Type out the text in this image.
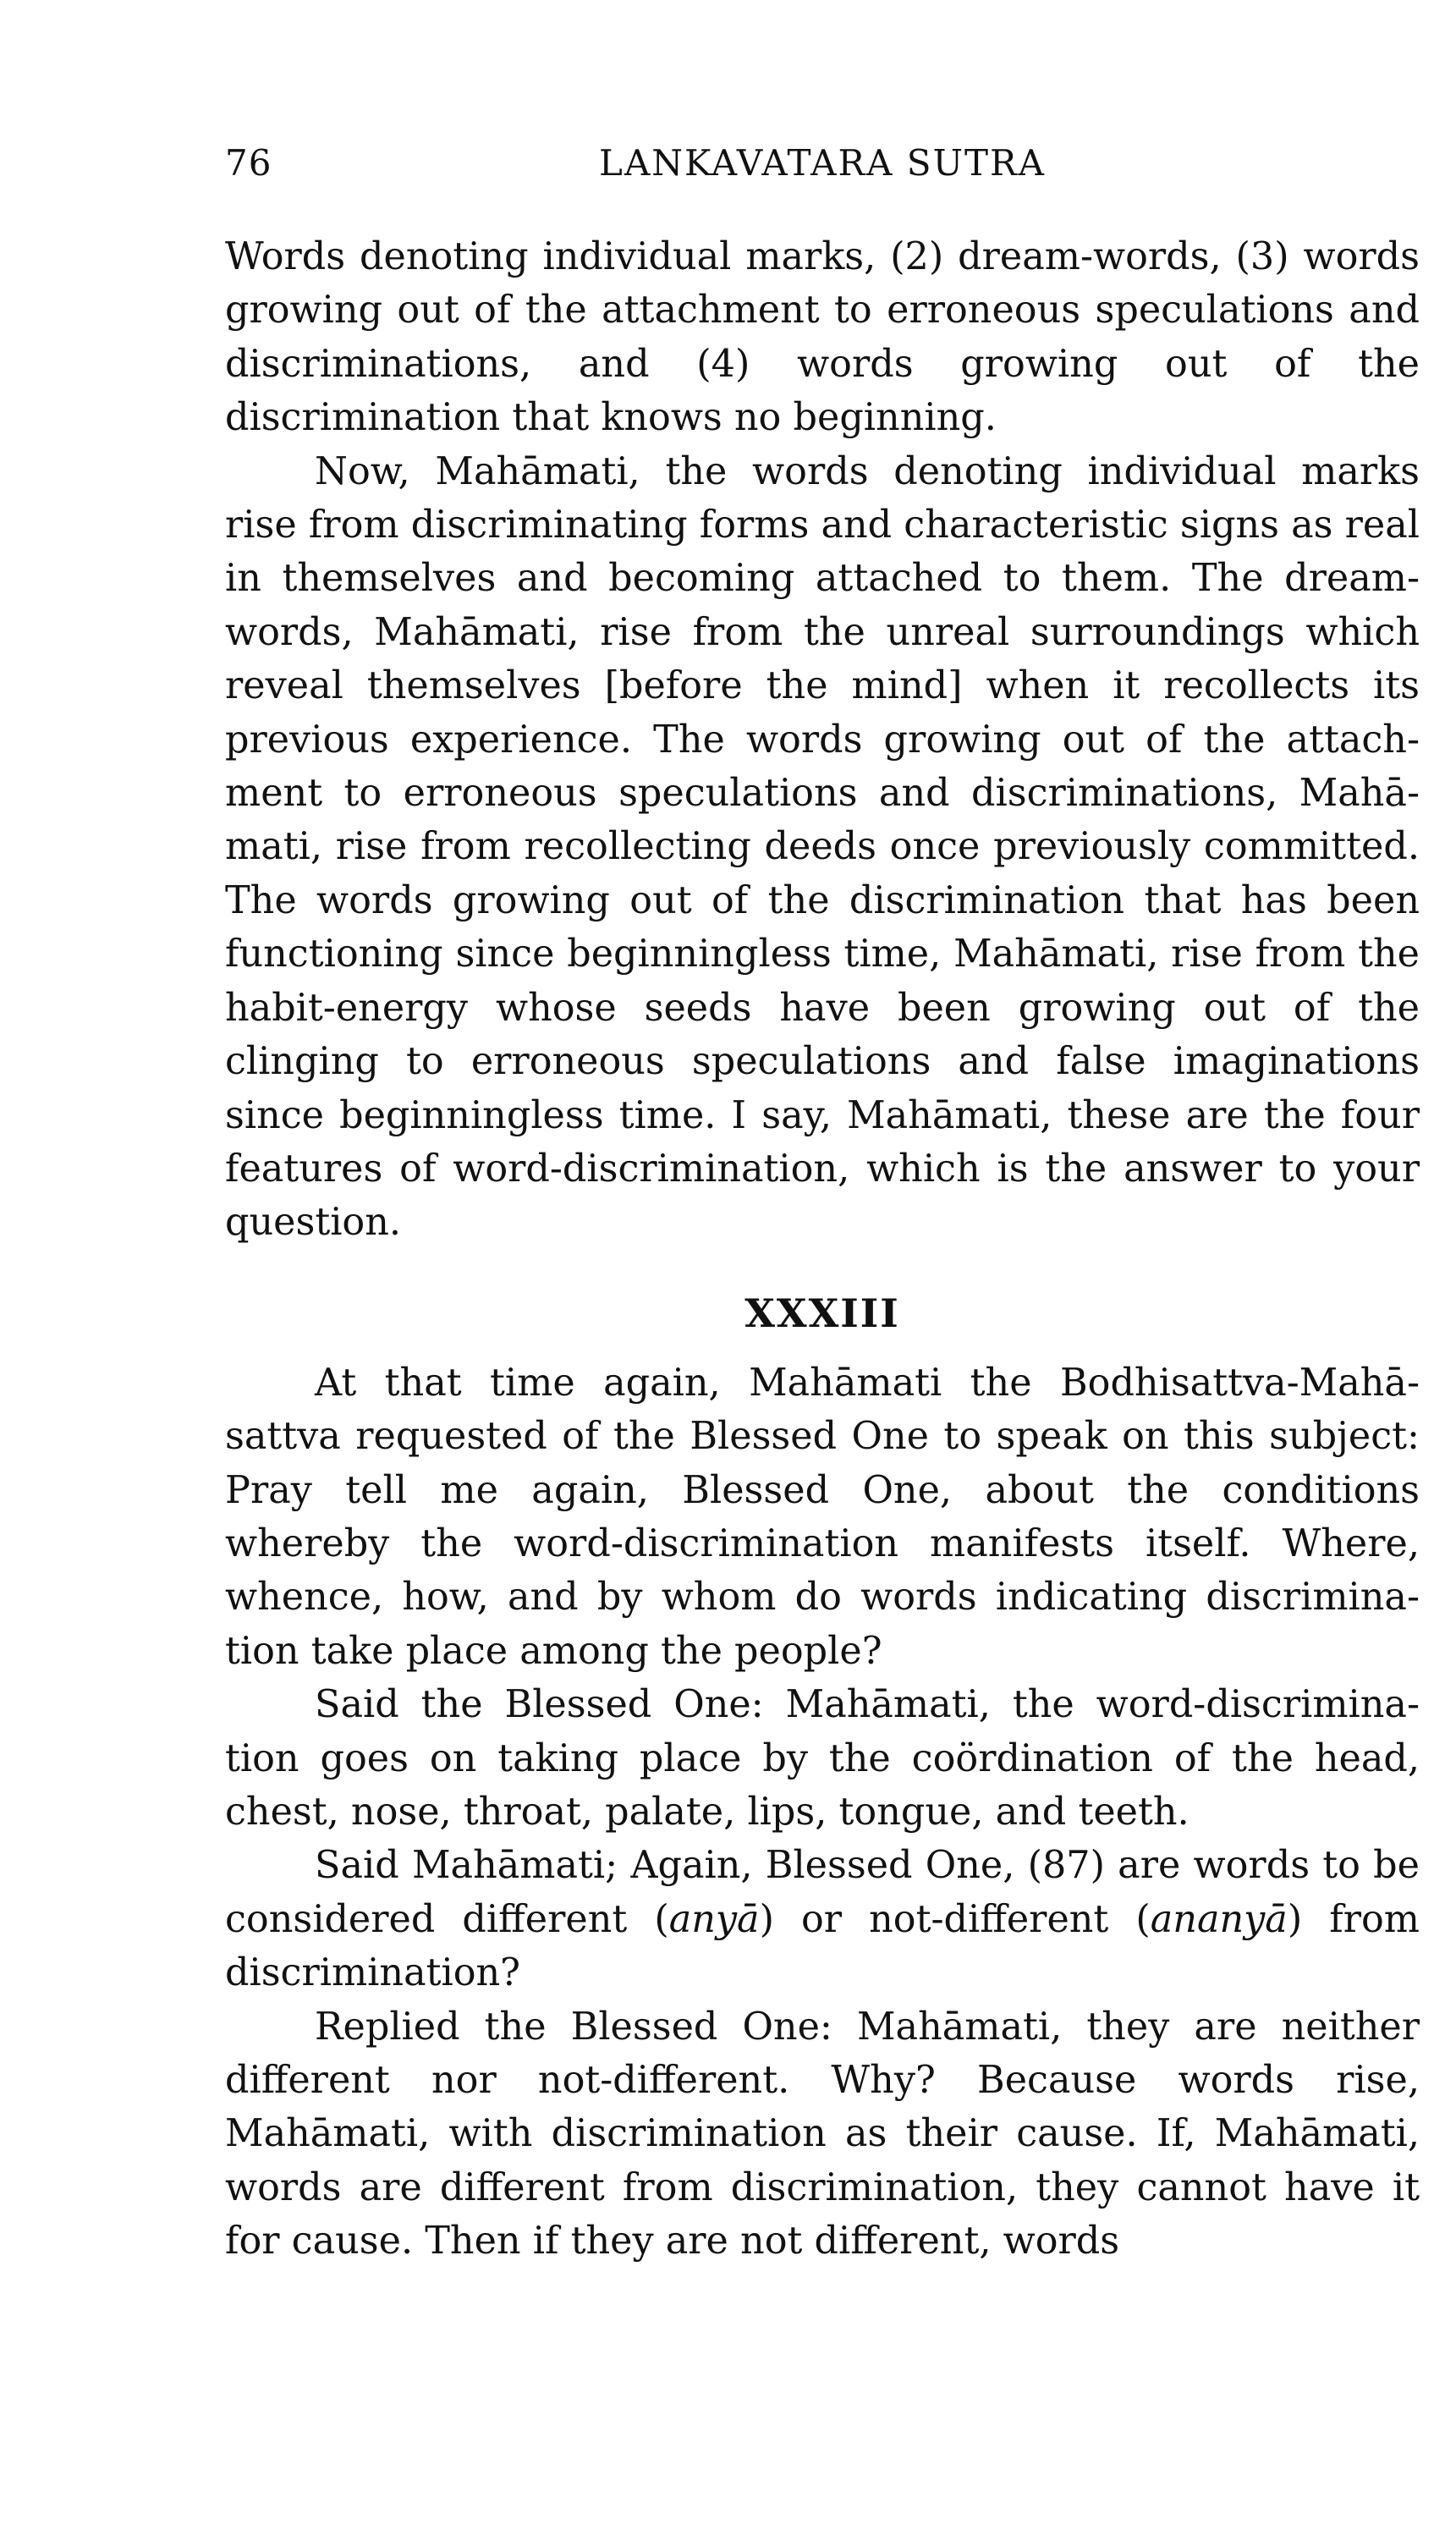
76	LANKAVATARA SUTRA

Words denoting individual marks, (2) dream-words, (3) words growing out of the attachment to erroneous speculations and discriminations, and (4) words growing out of the discrimination that knows no beginning.

Now, Mahāmati, the words denoting individual marks rise from discriminating forms and characteristic signs as real in themselves and becoming attached to them. The dreamwords, Mahāmati, rise from the unreal surroundings which reveal themselves [before the mind] when it recollects its previous experience. The words growing out of the attachment to erroneous speculations and discriminations, Mahāmati, rise from recollecting deeds once previously committed. The words growing out of the discrimination that has been functioning since beginningless time, Mahāmati, rise from the habit-energy whose seeds have been growing out of the clinging to erroneous speculations and false imaginations since beginningless time. I say, Mahāmati, these are the four features of word-discrimination, which is the answer to your question.

XXXIII

At that time again, Mahāmati the Bodhisattva-Mahāsattva requested of the Blessed One to speak on this subject: Pray tell me again, Blessed One, about the conditions whereby the word-discrimination manifests itself. Where, whence, how, and by whom do words indicating discrimination take place among the people?

Said the Blessed One: Mahāmati, the word-discrimination goes on taking place by the coördination of the head, chest, nose, throat, palate, lips, tongue, and teeth.

Said Mahāmati; Again, Blessed One, (87) are words to be considered different (anyā) or not-different (ananyā) from discrimination?

Replied the Blessed One: Mahāmati, they are neither different nor not-different. Why? Because words rise, Mahāmati, with discrimination as their cause. If, Mahāmati, words are different from discrimination, they cannot have it for cause. Then if they are not different, words
